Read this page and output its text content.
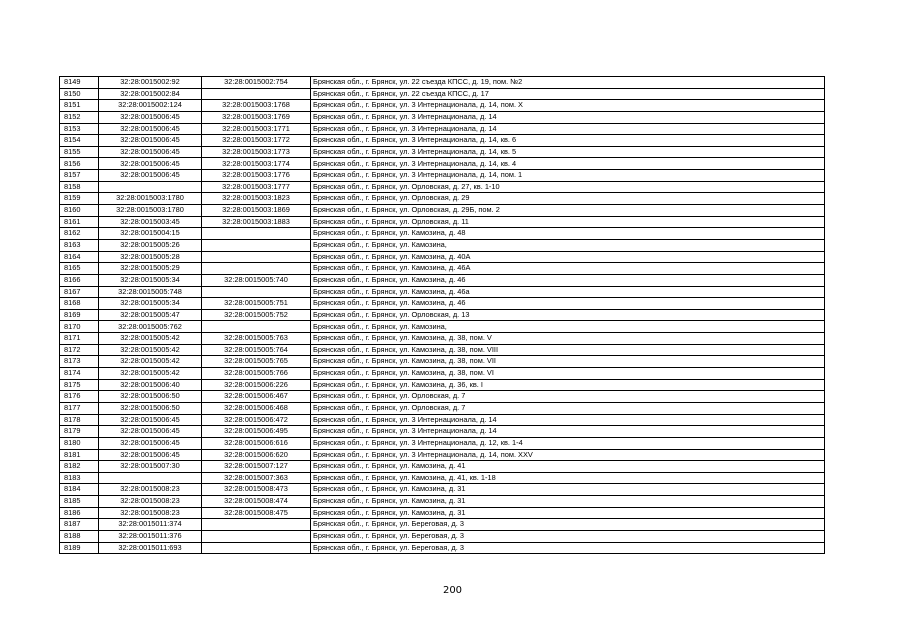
8149	32:28:0015002:92	32:28:0015002:754	Брянская обл., г. Брянск, ул. 22 съезда КПСС, д. 19, пом. №2
8150	32:28:0015002:84		Брянская обл., г. Брянск, ул. 22 съезда КПСС, д. 17
8151	32:28:0015002:124	32:28:0015003:1768	Брянская обл., г. Брянск, ул. 3 Интернационала, д. 14, пом. X
8152	32:28:0015006:45	32:28:0015003:1769	Брянская обл., г. Брянск, ул. 3 Интернационала, д. 14
8153	32:28:0015006:45	32:28:0015003:1771	Брянская обл., г. Брянск, ул. 3 Интернационала, д. 14
8154	32:28:0015006:45	32:28:0015003:1772	Брянская обл., г. Брянск, ул. 3 Интернационала, д. 14, кв. 6
8155	32:28:0015006:45	32:28:0015003:1773	Брянская обл., г. Брянск, ул. 3 Интернационала, д. 14, кв. 5
8156	32:28:0015006:45	32:28:0015003:1774	Брянская обл., г. Брянск, ул. 3 Интернационала, д. 14, кв. 4
8157	32:28:0015006:45	32:28:0015003:1776	Брянская обл., г. Брянск, ул. 3 Интернационала, д. 14, пом. 1
8158		32:28:0015003:1777	Брянская обл., г. Брянск, ул. Орловская, д. 27, кв. 1-10
8159	32:28:0015003:1780	32:28:0015003:1823	Брянская обл., г. Брянск, ул. Орловская, д. 29
8160	32:28:0015003:1780	32:28:0015003:1869	Брянская обл., г. Брянск, ул. Орловская, д. 29Б, пом. 2
8161	32:28:0015003:45	32:28:0015003:1883	Брянская обл., г. Брянск, ул. Орловская, д. 11
8162	32:28:0015004:15		Брянская обл., г. Брянск, ул. Камозина, д. 48
8163	32:28:0015005:26		Брянская обл., г. Брянск, ул. Камозина,
8164	32:28:0015005:28		Брянская обл., г. Брянск, ул. Камозина, д. 40А
8165	32:28:0015005:29		Брянская обл., г. Брянск, ул. Камозина, д. 46А
8166	32:28:0015005:34	32:28:0015005:740	Брянская обл., г. Брянск, ул. Камозина, д. 46
8167	32:28:0015005:748		Брянская обл., г. Брянск, ул. Камозина, д. 46а
8168	32:28:0015005:34	32:28:0015005:751	Брянская обл., г. Брянск, ул. Камозина, д. 46
8169	32:28:0015005:47	32:28:0015005:752	Брянская обл., г. Брянск, ул. Орловская, д. 13
8170	32:28:0015005:762		Брянская обл., г. Брянск, ул. Камозина,
8171	32:28:0015005:42	32:28:0015005:763	Брянская обл., г. Брянск, ул. Камозина, д. 38, пом. V
8172	32:28:0015005:42	32:28:0015005:764	Брянская обл., г. Брянск, ул. Камозина, д. 38, пом. VIII
8173	32:28:0015005:42	32:28:0015005:765	Брянская обл., г. Брянск, ул. Камозина, д. 38, пом. VII
8174	32:28:0015005:42	32:28:0015005:766	Брянская обл., г. Брянск, ул. Камозина, д. 38, пом. VI
8175	32:28:0015006:40	32:28:0015006:226	Брянская обл., г. Брянск, ул. Камозина, д. 36, кв. I
8176	32:28:0015006:50	32:28:0015006:467	Брянская обл., г. Брянск, ул. Орловская, д. 7
8177	32:28:0015006:50	32:28:0015006:468	Брянская обл., г. Брянск, ул. Орловская, д. 7
8178	32:28:0015006:45	32:28:0015006:472	Брянская обл., г. Брянск, ул. 3 Интернационала, д. 14
8179	32:28:0015006:45	32:28:0015006:495	Брянская обл., г. Брянск, ул. 3 Интернационала, д. 14
8180	32:28:0015006:45	32:28:0015006:616	Брянская обл., г. Брянск, ул. 3 Интернационала, д. 12, кв. 1-4
8181	32:28:0015006:45	32:28:0015006:620	Брянская обл., г. Брянск, ул. 3 Интернационала, д. 14, пом. XXV
8182	32:28:0015007:30	32:28:0015007:127	Брянская обл., г. Брянск, ул. Камозина, д. 41
8183		32:28:0015007:363	Брянская обл., г. Брянск, ул. Камозина, д. 41, кв. 1-18
8184	32:28:0015008:23	32:28:0015008:473	Брянская обл., г. Брянск, ул. Камозина, д. 31
8185	32:28:0015008:23	32:28:0015008:474	Брянская обл., г. Брянск, ул. Камозина, д. 31
8186	32:28:0015008:23	32:28:0015008:475	Брянская обл., г. Брянск, ул. Камозина, д. 31
8187	32:28:0015011:374		Брянская обл., г. Брянск, ул. Береговая, д. 3
8188	32:28:0015011:376		Брянская обл., г. Брянск, ул. Береговая, д. 3
8189	32:28:0015011:693		Брянская обл., г. Брянск, ул. Береговая, д. 3
200
